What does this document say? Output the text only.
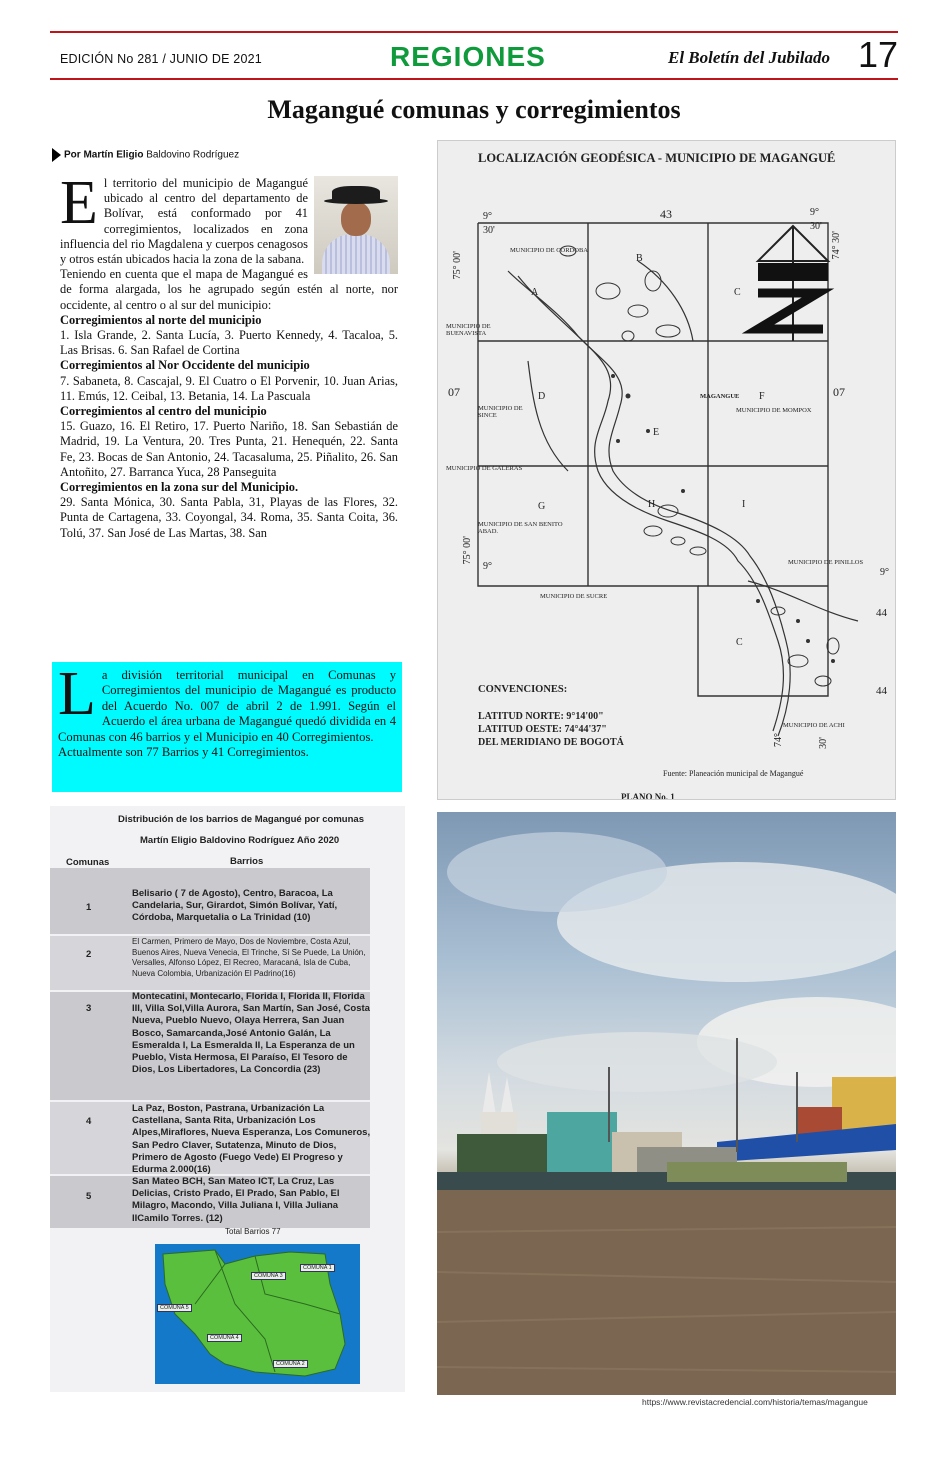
EDICIÓN No 281 / JUNIO DE 2021	REGIONES	El Boletín del Jubilado 17
Magangué comunas y corregimientos
Por Martín Eligio Baldovino Rodríguez
E l territorio del municipio de Magangué ubicado al centro del departamento de Bolívar, está conformado por 41 corregimientos, localizados en zona influencia del rio Magdalena y cuerpos cenagosos y otros están ubicados hacia la zona de la sabana.

Teniendo en cuenta que el mapa de Magangué es de forma alargada, los he agrupado según estén al norte, nor occidente, al centro o al sur del municipio:

Corregimientos al norte del municipio

1. Isla Grande, 2. Santa Lucía, 3. Puerto Kennedy, 4. Tacaloa, 5. Las Brisas. 6. San Rafael de Cortina

Corregimientos al Nor Occidente del municipio

7. Sabaneta, 8. Cascajal, 9. El Cuatro o El Porvenir, 10. Juan Arias, 11. Emús, 12. Ceibal, 13. Betania, 14. La Pascuala

Corregimientos al centro del municipio

15. Guazo, 16. El Retiro, 17. Puerto Nariño, 18. San Sebastián de Madrid, 19. La Ventura, 20. Tres Punta, 21. Henequén, 22. Santa Fe, 23. Bocas de San Antonio, 24. Tacasaluma, 25. Piñalito, 26. San Antoñito, 27. Barranca Yuca, 28 Panseguita

Corregimientos en la zona sur del Municipio.

29. Santa Mónica, 30. Santa Pabla, 31, Playas de las Flores, 32. Punta de Cartagena, 33. Coyongal, 34. Roma, 35. Santa Coita, 36. Tolú, 37. San José de Las Martas, 38. San

L a división territorial municipal en Comunas y Corregimientos del municipio de Magangué es producto del Acuerdo No. 007 de abril 2 de 1.991. Según el Acuerdo el área urbana de Magangué quedó dividida en 4 Comunas con 46 barrios y el Municipio en 40 Corregimientos.
Actualmente son 77 Barrios y 41 Corregimientos.
LOCALIZACIÓN GEODÉSICA - MUNICIPIO DE MAGANGUÉ
43
9°	9°
30'	30'
75° 00'
74° 30'
07	07
75° 00'
9°
9°
44
44
74°	30'
MUNICIPIO DE CORDOBA
MUNICIPIO DE BUENAVISTA
MUNICIPIO DE SINCE
MUNICIPIO DE GALERAS
MUNICIPIO DE SAN BENITO ABAD.
MUNICIPIO DE SUCRE
MUNICIPIO DE MOMPOX
MUNICIPIO DE PINILLOS
MUNICIPIO DE ACHI
MAGANGUE
A
B
C
D
E
F
G	H	I
C
CONVENCIONES:
LATITUD NORTE: 9°14'00"
LATITUD OESTE: 74°44'37"
DEL MERIDIANO DE BOGOTÁ
Fuente: Planeación municipal de Magangué
PLANO No. 1
Distribución de los barrios de Magangué por comunas
Martín Eligio Baldovino Rodríguez Año 2020
Comunas	Barrios
1
Belisario ( 7 de Agosto), Centro, Baracoa, La Candelaria, Sur, Girardot, Simón Bolívar, Yatí, Córdoba, Marquetalia o La Trinidad (10)
2
El Carmen, Primero de Mayo, Dos de Noviembre, Costa Azul, Buenos Aires, Nueva Venecia, El Trinche, Sí Se Puede, La Unión, Versalles, Alfonso López, El Recreo, Maracaná, Isla de Cuba, Nueva Colombia, Urbanización El Padrino(16)
3
Montecatini, Montecarlo, Florida I, Florida II, Florida III, Villa Sol,Villa Aurora, San Martín, San José, Costa Nueva, Pueblo Nuevo, Olaya Herrera, San Juan Bosco, Samarcanda,José Antonio Galán, La Esmeralda I, La Esmeralda II, La Esperanza de un Pueblo, Vista Hermosa, El Paraíso, El Tesoro de Dios, Los Libertadores, La Concordia (23)
4
La Paz, Boston, Pastrana, Urbanización La Castellana, Santa Rita, Urbanización Los Alpes,Miraflores, Nueva Esperanza, Los Comuneros, San Pedro Claver, Sutatenza, Minuto de Dios, Primero de Agosto (Fuego Vede) El Progreso y Edurma 2.000(16)
5
San Mateo BCH, San Mateo ICT, La Cruz, Las Delicias, Cristo Prado, El Prado, San Pablo, El Milagro, Macondo, Villa Juliana I, Villa Juliana IICamilo Torres. (12)
Total Barrios 77
COMUNA 1
COMUNA 3
COMUNA 5
COMUNA 4
COMUNA 2
https://www.revistacredencial.com/historia/temas/magangue
